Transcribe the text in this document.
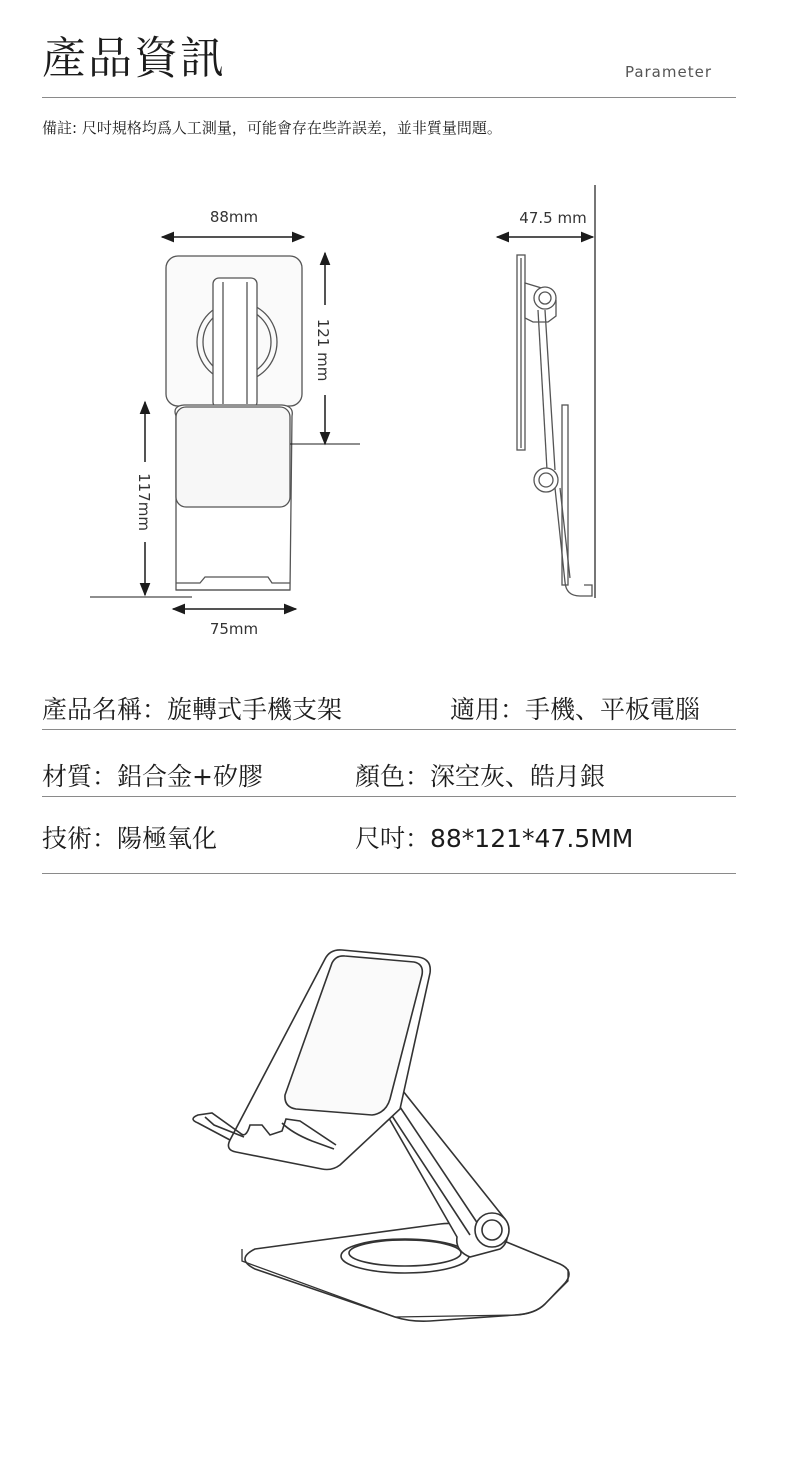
產品資訊	Parameter
備註: 尺吋規格均爲人工測量，可能會存在些許誤差，並非質量問題。
88mm
121 mm
117mm
75mm
47.5 mm
產品名稱：旋轉式手機支架	適用：手機、平板電腦
材質：鋁合金+矽膠	顏色：深空灰、皓月銀
技術：陽極氧化	尺吋：88*121*47.5MM
